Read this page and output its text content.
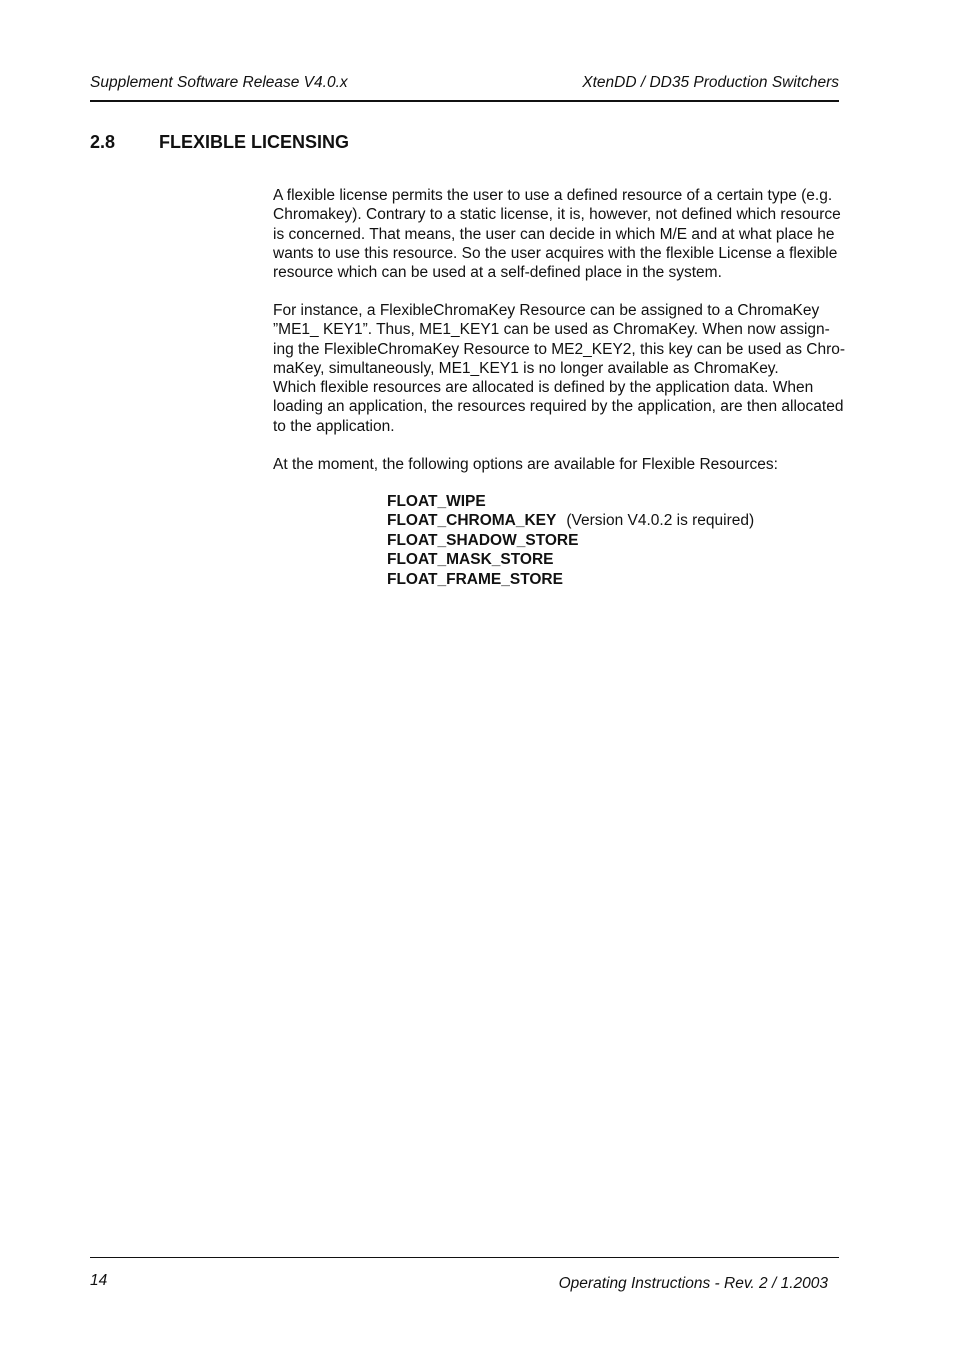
Supplement Software Release V4.0.x	XtenDD / DD35 Production Switchers
2.8 FLEXIBLE LICENSING
A flexible license permits the user to use a defined resource of a certain type (e.g.
Chromakey). Contrary to a static license, it is, however, not defined which resource
is concerned. That means, the user can decide in which M/E and at what place he
wants to use this resource. So the user acquires with the flexible License a flexible
resource which can be used at a self-defined place in the system.
For instance, a FlexibleChromaKey Resource can be assigned to a ChromaKey
”ME1_ KEY1”. Thus, ME1_KEY1 can be used as ChromaKey. When now assign-
ing the FlexibleChromaKey Resource to ME2_KEY2, this key can be used as Chro-
maKey, simultaneously, ME1_KEY1 is no longer available as ChromaKey.
Which flexible resources are allocated is defined by the application data. When
loading an application, the resources required by the application, are then allocated
to the application.
At the moment, the following options are available for Flexible Resources:
FLOAT_WIPE
FLOAT_CHROMA_KEY (Version V4.0.2 is required)
FLOAT_SHADOW_STORE
FLOAT_MASK_STORE
FLOAT_FRAME_STORE
14	Operating Instructions - Rev. 2 / 1.2003
